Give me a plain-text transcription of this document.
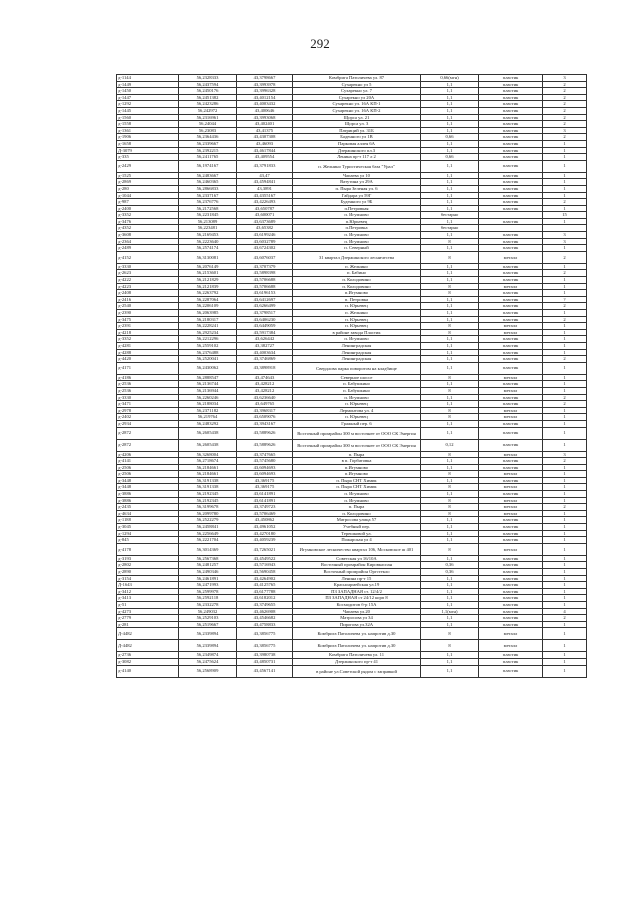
292
д-1144	56,2328333	43,3798667	Комбрига Патоличева ул. 87	0,66(мгн)	пластик	3
д-1449	56,2437594	43,3993978	Сухарекно ул 5	1,1	пластик	2
д-1450	56,2450176	43,3996328	Сухарекно ул. 7	1,1	пластик	2
д-1447	56,2451382	43,4012154	Сухарекно ул 20А	1,1	пластик	2
д-1292	56,2423286	43,4003432	Сухарекно ул. 16А КП-1	1,1	пластик	2
д-1445	56,242972	43,400646	Сухарекно ул. 16А КП-2	1,1	пластик	2
д-1560	56,2316961	43,3993068	Щорса ул. 21	1,1	пластик	2
д-1558	56,24044	43,402401	Щорса ул. 3	1,1	пластик	2
д-1361	56,23083	43,41375	Патриций ул. 31Б	1,1	пластик	3
д-1906	56,2364436	43,4307308	Баденного ул 1В	0,66	пластик	2
д-1658	56,2339667	43,46093	Парковая аллея 6А	1,1	пластик	1
Д-3079	56,2392215	43,4617844	Дзержинского пл.3	1,1	пластик	1
д-335	56,2411765	43,409554	Ленина пр-т 117 л 2	0,66	пластик	1
д-2429	56,1974167	43,3791833	п. Желнино Туристическая база "Урал"	1,1	пластик	1
д-1525	56,2483667	43,47	Чапаева ул 10	1,1	пластик	1
д-2869	56,2460365	43,4594841	Ватутина ул 29А	1,1	пластик	1
д-280	56,2866833	43,3891	п. Пыра Зеленая ул. 6	1,1	пластик	1
д-1044	56,2337167	43,4355167	Гайдара ул 59Г	1,1	пластик	1
д-987	56,2376776	43,4226493	Буденного ул 9Б	1,1	пластик	2
д-2400	56,2172568	43,650787	п.Петровкая	1,1	пластик	1
д-3352	56,2231845	43,600071	п. Игумново	бестарно		15
д-3476	56,213089	43,6373689	п.Юрьевец	1,1	пластик	1
д-4352	56,223481	43,65382	п.Петровка	бестарно		
д-3608	56,2169453	43,6199246	п. Игумново	1,1	пластик	3
д-2364	56,2223640	43,6032789	п. Игумново	8	пластик	3
д-2489	56,2574174	43,6724302	п. Северный	1,1	пластик	1
д-4152	56,3130081	43,6076037	31 квартал Дзержинского лесничества	8	металл	2
д-3330	56,2076149	43,3707379	п. Желнино	1,1	пластик	1
д-2623	56,2153601	43,5898398	п. Бабино	1,1	пластик	2
д-4222	56,2121829	43,5706688	п. Колодовино	1,1	пластик	1
д-4223	56,2121839	43,5706688	п. Колодовино	8	металл	1
д-2408	56,2263792	43,6196153	п.Игумново	8	пластик	1
д-2416	56,2287064	43,6412697	п. Петровка	1,1	пластик	?
д-2540	56,2206109	43,6266499	п. Юрьевец	1,1	пластик	2
д-2390	56,2063985	43,3798517	п. Желнино	1,1	пластик	1
д-3475	56,2180317	43,6406230	п. Юрьевец	1,1	пластик	2
д-2391	56,2228241	43,6449059	п. Юрьевец	8	металл	1
д-4218	56,2925234	43,5917384	в районе завода Пластик	8	металл	1
д-3352	56,2212296	43,626442	п. Игумново	1,1	пластик	1
д-4281	56,2559102	43,382727	Ленинградская	1,1	пластик	1
д-4288	56,2376488	43,4003634	Ленинградская	1,1	пластик	1
д-4420	56,2520041	43,3746869	Ленинградская	1,1	пластик	2
д-4171	56,2430062	43,3898918	Свердлова парка поворотом на кладбище	1,1	пластик	1
д-4186	56,2888547	43,474643	Северное шоссе	8	металл	1
д-2536	56,2136744	43,428212	п. Бабушкино	1,1	пластик	1
д-2536	56,2136944	43,428212	п. Бабушкино	8	металл	1
д-3330	56,2260246	43,6236640	п. Игумново	1,1	пластик	2
д-3471	56,2188034	43,649765	п. Юрьевец	1,1	пластик	2
д-2978	56,2371182	43,3968317	Лермонтова ул. 4	8	металл	1
д-2402	56,219764	43,6509076	п. Юрьевец	8	металл	1
д-2934	56,2483292	43,3943167	Гражный пер. 6	1,1	пластик	1
д-2872	56,2605438	43,5889626	Восточный промрайон 300 м восточнее от ООО СК Энергия	1,1	пластик	1
д-2872	56,2605438	43,5889626	Восточный промрайон 300 м восточнее от ООО СК Энергия	0,12	пластик	1
д-4206	56,3268004	43,3747665	п. Пыра	8	металл	3
д-4141	56,2718674	43,5745680	в п. Горбатовка	1,1	пластик	2
д-2506	56,2184661	43,6094693	п.Игумново	1,1	пластик	1
д-2506	56,2184661	43,6094693	п.Игумново	8	металл	1
д-3448	56,3191338	43,369175	п. Пыра СНТ Химик	1,1	пластик	1
д-3448	56,3191338	43,369175	п. Пыра СНТ Химик	8	металл	1
д-3886	56,2192345	43,6141891	п. Игумново	1,1	пластик	1
д-3886	56,2192345	43,6141891	п. Игумново	8	металл	1
д-2435	56,3199678	43,3749723	п. Пыра	8	металл	2
д-4634	56,2099780	43,5706469	п. Колодовино	8	металл	1
д-1188	56,2522279	43,450862	Матросова улица 57	1,1	пластик	1
д-3045	56,2458841	43,4961052	Учебный пер.	1,1	пластик	1
д-1294	56,2256649	43,4270180	Терешковой ул.	1,1	пластик	1
д-845	56,2221704	43,4059239	Пожарская ул 4	1,1	пластик	1
д-4178	56,3014369	43,7265021	Игумновское лесничество квартал 106, Московское ш 401	8	металл	1
д-3193	56,2567368	43,4549522	Советская ул 16/10А	1,1	пластик	1
д-2802	56,2481257	43,5716943	Восточный промрайон Кировкаспан	0,36	пластик	1
д-2890	56,2490346	43,5690458	Восточный промрайон Оргстекло	0,36	пластик	1
д-3154	56,2461891	43,4264902	Ленина пр-т 15	1,1	пластик	1
Д-1643	56,2471993	43,4125765	Красноармейская ул.19	1,1	пластик	1
д-3412	56,2599978	43,6177788	ПЗ ЗАПАДНАЯ ст. 12/4/2	1,1	пластик	1
д-3413	56,2592118	43,6182012	ПЗ ЗАПАДНАЯ ст 24/12 корп 8	1,1	пластик	1
д-51	56,2332278	43,3749655	Космодитов б-р 15А	1,1	пластик	1
д-4273	56,249032	43,4626908	Чапаева ул.20	1,1(мгн)	пластик	4
д-2779	56,2529103	43,4546682	Матросова ул 34	1,1	пластик	2
д-281	56,2519667	43,4758833	Пирогова ул.32А	1,1	пластик	1
Д-4482	56,2339894	43,3856775	Комбрига Патоличева ул. напротив д.30	8	металл	1
Д-4482	56,2339894	43,3856775	Комбрига Патоличева ул. напротив д.30	8	металл	1
д-2736	56,2349874	43,3980738	Комбрига Патоличева ул. 11	1,1	пластик	1
д-3082	56,2475624	43,4850731	Дзержинского пр-т 41	1,1	пластик	1
д-4140	56,2568909	43,4567141	в районе ул.Советской рядом с заправкой	1,1	пластик	1
